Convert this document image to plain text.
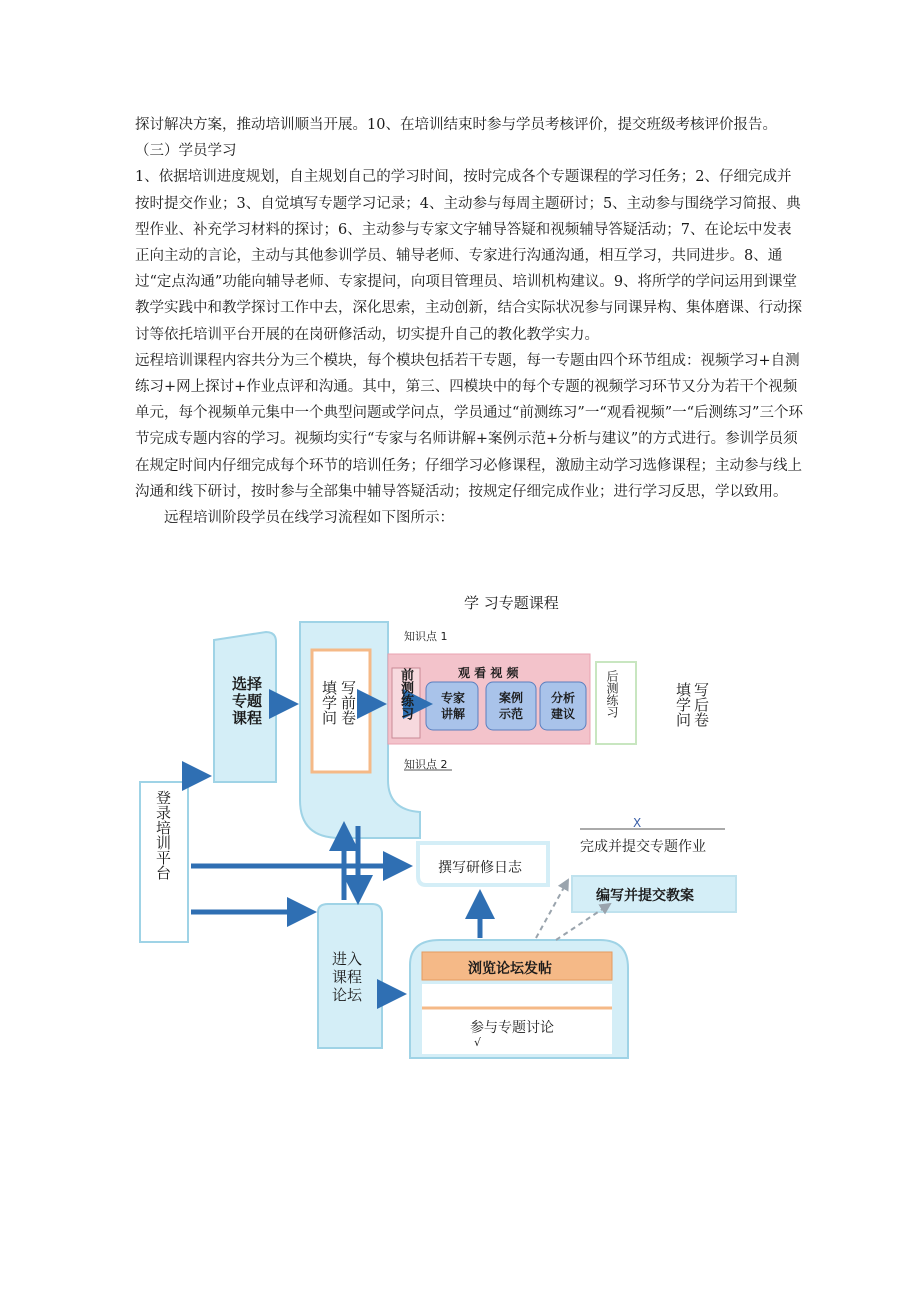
探讨解决方案，推动培训顺当开展。10、在培训结束时参与学员考核评价，提交班级考核评价报告。

（三）学员学习

1、依据培训进度规划，自主规划自己的学习时间，按时完成各个专题课程的学习任务；2、仔细完成并按时提交作业；3、自觉填写专题学习记录；4、主动参与每周主题研讨；5、主动参与围绕学习简报、典型作业、补充学习材料的探讨；6、主动参与专家文字辅导答疑和视频辅导答疑活动；7、在论坛中发表正向主动的言论，主动与其他参训学员、辅导老师、专家进行沟通沟通，相互学习，共同进步。8、通过“定点沟通”功能向辅导老师、专家提问，向项目管理员、培训机构建议。9、将所学的学问运用到课堂教学实践中和教学探讨工作中去，深化思索，主动创新，结合实际状况参与同课异构、集体磨课、行动探讨等依托培训平台开展的在岗研修活动，切实提升自己的教化教学实力。

远程培训课程内容共分为三个模块，每个模块包括若干专题，每一专题由四个环节组成：视频学习+自测练习+网上探讨+作业点评和沟通。其中，第三、四模块中的每个专题的视频学习环节又分为若干个视频单元，每个视频单元集中一个典型问题或学问点，学员通过“前测练习”一“观看视频”一“后测练习”三个环节完成专题内容的学习。视频均实行“专家与名师讲解+案例示范+分析与建议”的方式进行。参训学员须在规定时间内仔细完成每个环节的培训任务；仔细学习必修课程，激励主动学习选修课程；主动参与线上沟通和线下研讨，按时参与全部集中辅导答疑活动；按规定仔细完成作业；进行学习反思，学以致用。

远程培训阶段学员在线学习流程如下图所示：

学 习专题课程
知识点 1
知识点 2
登录培训平台
选择专题课程	填学问 写前卷	前测练习	观 看 视 频
专家讲解
案例示范
分析建议	后测练习	填学问 写后卷
X
完成并提交专题作业
撰写研修日志
编写并提交教案
进入课程论坛
浏览论坛发帖
参与专题讨论
√
